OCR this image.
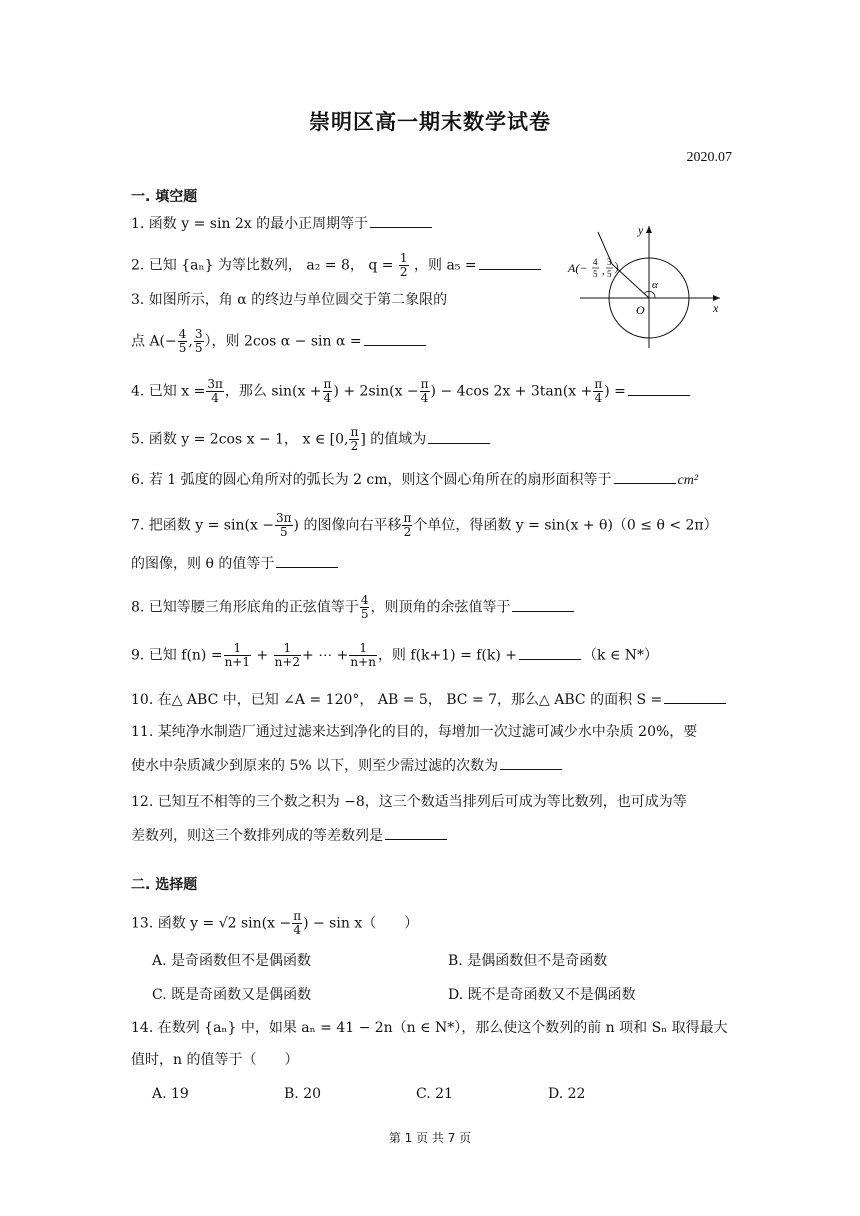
崇明区高一期末数学试卷
2020.07
一. 填空题
1. 函数 y = sin 2x 的最小正周期等于
2. 已知 {aₙ} 为等比数列， a₂ = 8， $q = \frac{1}{2}$ ，则 a₅ =
3. 如图所示，角 α 的终边与单位圆交于第二象限的
点 $A(- \frac{4}{5}$ , $\frac{3}{5}$ ），则 2cos α − sin α =
α
O	x
y
A(− 4
5 ,
3
5 ）
4. 已知 $x = \frac{3\pi}{4}$ ，那么 $\sin(x + \frac{\pi}{4}$ ) + $2\sin(x - \frac{\pi}{4}$ ) − 4cos $2x + 3\tan(x + \frac{\pi}{4}$ ) =
5. 函数 y = 2cos x − 1， x ∈ [0, $\frac{\pi}{2}$ ] 的值域为
6. 若 1 弧度的圆心角所对的弧长为 2 cm，则这个圆心角所在的扇形面积等于	cm²
7. 把函数 $y = \sin(x - \frac{3\pi}{5}$ ) 的图像向右平移 $\frac{\pi}{2}$ 个单位，得函数 y = sin(x + θ)（0 ≤ θ < 2π）
的图像，则 θ 的值等于
8. 已知等腰三角形底角的正弦值等于 $\frac{4}{5}$ ，则顶角的余弦值等于
9. 已知 $f(n) = \frac{1}{n+1} + \frac{1}{n+2}$ + ⋯ + $\frac{1}{n+n}$ ，则 f(k+1) = f(k) +	（k ∈ N*）
10. 在△ ABC 中，已知 ∠A = 120°， AB = 5， BC = 7，那么△ ABC 的面积 S =
11. 某纯净水制造厂通过过滤来达到净化的目的，每增加一次过滤可减少水中杂质 20%，要
使水中杂质减少到原来的 5% 以下，则至少需过滤的次数为
12. 已知互不相等的三个数之积为 −8，这三个数适当排列后可成为等比数列，也可成为等
差数列，则这三个数排列成的等差数列是
二. 选择题
13. 函数 y = √2 $\sin(x - \frac{\pi}{4}$ ) − sin x（　　）
A. 是奇函数但不是偶函数	B. 是偶函数但不是奇函数
C. 既是奇函数又是偶函数	D. 既不是奇函数又不是偶函数
14. 在数列 {aₙ} 中，如果 aₙ = 41 − 2n（n ∈ N*），那么使这个数列的前 n 项和 Sₙ 取得最大
值时，n 的值等于（　　）
A. 19	B. 20	C. 21	D. 22
第 1 页 共 7 页
